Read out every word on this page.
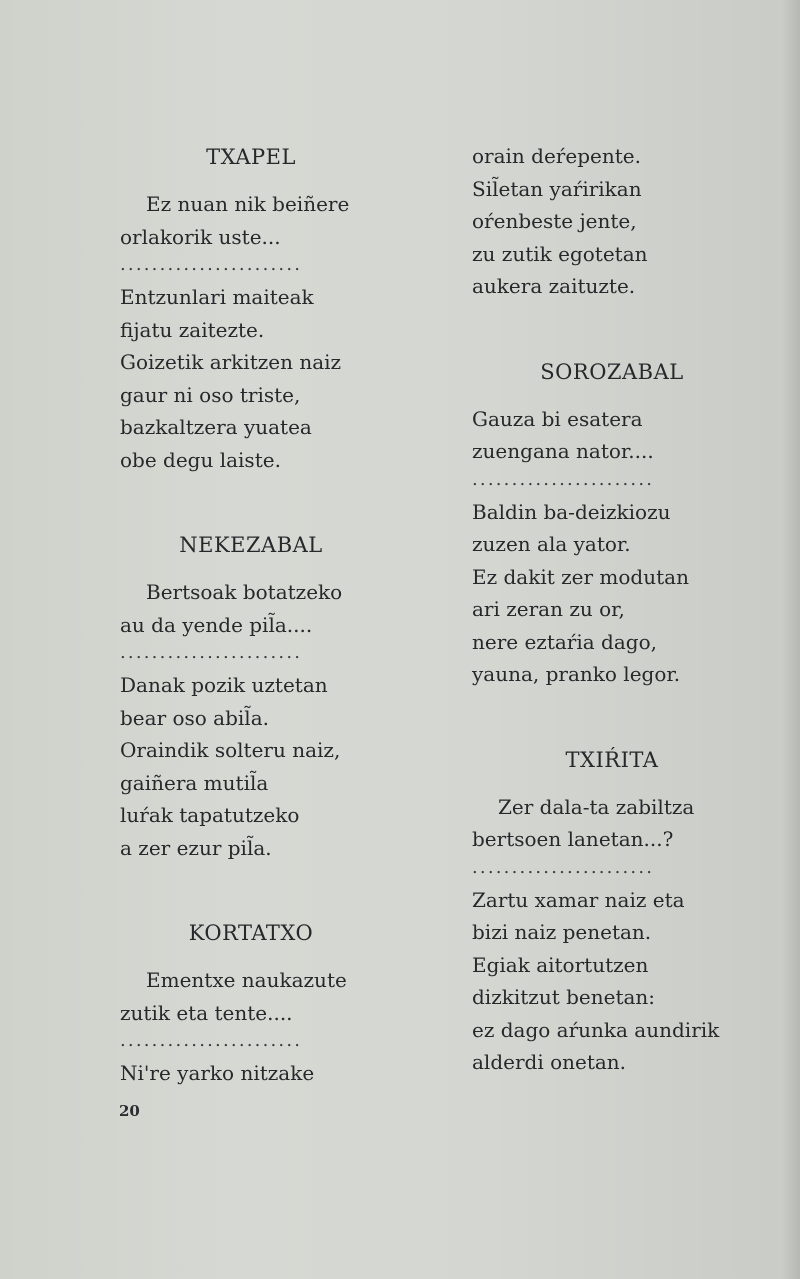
TXAPEL

Ez nuan nik beiñere

orlakorik uste...

.......................

Entzunlari maiteak

fijatu zaitezte.

Goizetik arkitzen naiz

gaur ni oso triste,

bazkaltzera yuatea

obe degu laiste.

NEKEZABAL

Bertsoak botatzeko

au da yende pil̃a....

.......................

Danak pozik uztetan

bear oso abil̃a.

Oraindik solteru naiz,

gaiñera mutil̃a

luŕak tapatutzeko

a zer ezur pil̃a.

KORTATXO

Ementxe naukazute

zutik eta tente....

.......................

Ni're yarko nitzake

orain dеŕepente.

Sil̃etan yaŕirikan

oŕenbeste jente,

zu zutik egotetan

aukera zaituzte.

SOROZABAL

Gauza bi esatera

zuengana nator....

.......................

Baldin ba-deizkiozu

zuzen ala yator.

Ez dakit zer modutan

ari zeran zu or,

nere eztaŕia dago,

yauna, pranko legor.

TXIŔITA

Zer dala-ta zabiltza

bertsoen lanetan...?

.......................

Zartu xamar naiz eta

bizi naiz penetan.

Egiak aitortutzen

dizkitzut benetan:

ez dago aŕunka aundirik

alderdi onetan.

20
